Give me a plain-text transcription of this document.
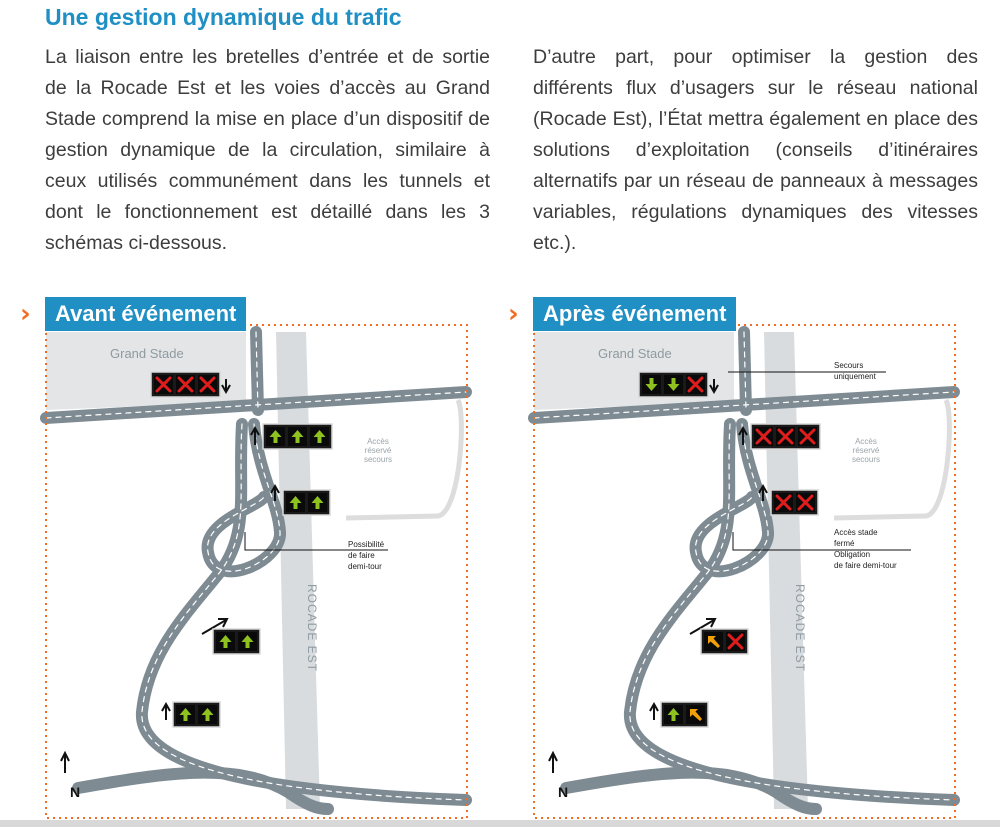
Une gestion dynamique du trafic

La liaison entre les bretelles d’entrée et de sortie de la Rocade Est et les voies d’accès au Grand Stade comprend la mise en place d’un dispositif de gestion dynamique de la circulation, similaire à ceux utilisés communément dans les tunnels et dont le fonctionnement est détaillé dans les 3 schémas ci-dessous.

D’autre part, pour optimiser la gestion des différents flux d’usagers sur le réseau national (Rocade Est), l’État mettra également en place des solutions d’exploitation (conseils d’itinéraires alternatifs par un réseau de panneaux à messages variables, régulations dynamiques des vitesses etc.).

Grand Stade
Accès
réservé
secours
ROCADE EST
N
Possibilité
de faire
demi-tour
›	Avant événement
Grand Stade
Accès
réservé
secours
ROCADE EST
N
Secours
uniquement
Accès stade
fermé
Obligation
de faire demi-tour
›	Après événement
